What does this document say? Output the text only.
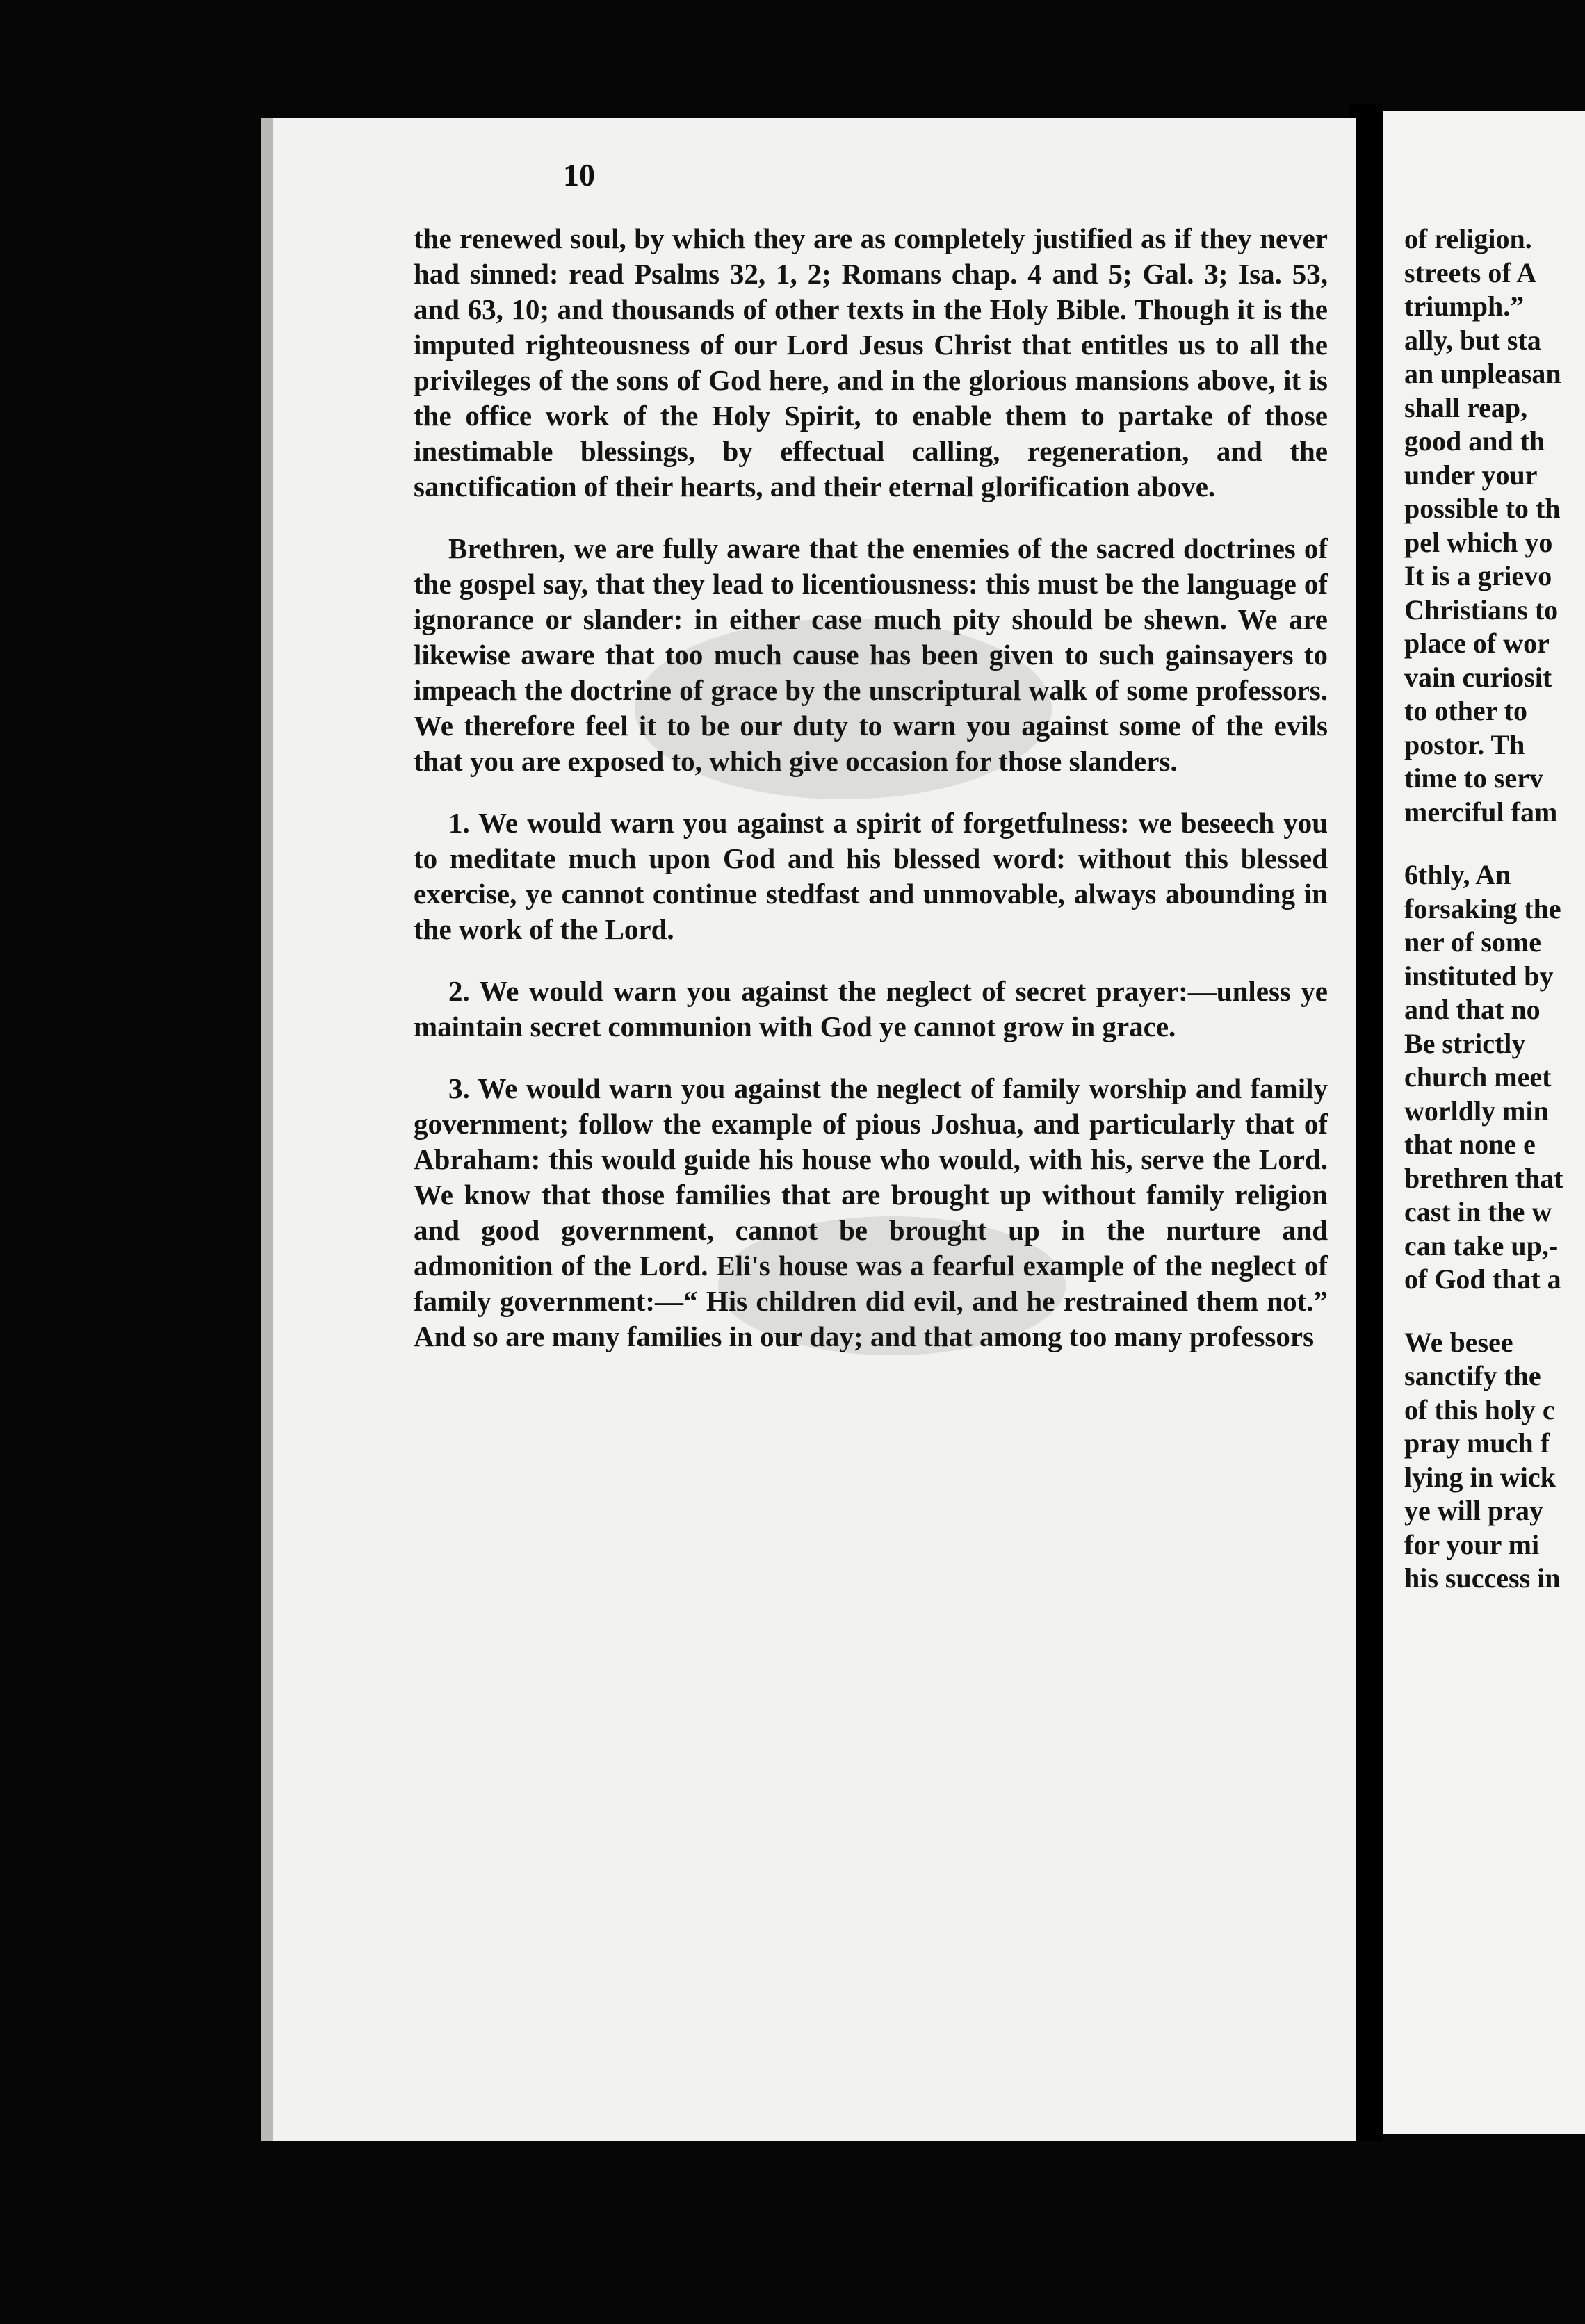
10

the renewed soul, by which they are as completely justified as if they never had sinned: read Psalms 32, 1, 2; Romans chap. 4 and 5; Gal. 3; Isa. 53, and 63, 10; and thousands of other texts in the Holy Bible. Though it is the imputed righteousness of our Lord Jesus Christ that entitles us to all the privileges of the sons of God here, and in the glorious mansions above, it is the office work of the Holy Spirit, to enable them to partake of those inestimable blessings, by effectual calling, regeneration, and the sanctification of their hearts, and their eternal glorification above.

Brethren, we are fully aware that the enemies of the sacred doctrines of the gospel say, that they lead to licentiousness: this must be the language of ignorance or slander: in either case much pity should be shewn. We are likewise aware that too much cause has been given to such gainsayers to impeach the doctrine of grace by the unscriptural walk of some professors. We therefore feel it to be our duty to warn you against some of the evils that you are exposed to, which give occasion for those slanders.

1. We would warn you against a spirit of forgetfulness: we beseech you to meditate much upon God and his blessed word: without this blessed exercise, ye cannot continue stedfast and unmovable, always abounding in the work of the Lord.

2. We would warn you against the neglect of secret prayer:—unless ye maintain secret communion with God ye cannot grow in grace.

3. We would warn you against the neglect of family worship and family government; follow the example of pious Joshua, and particularly that of Abraham: this would guide his house who would, with his, serve the Lord. We know that those families that are brought up without family religion and good government, cannot be brought up in the nurture and admonition of the Lord. Eli's house was a fearful example of the neglect of family government:—“ His children did evil, and he restrained them not.” And so are many families in our day; and that among too many professors

of religion.
streets of A
triumph.”
ally, but sta
an unpleasan
shall reap,
good and th
under your
possible to th
pel which yo
It is a grievo
Christians to
place of wor
vain curiosit
to other to
postor. Th
time to serv
merciful fam
6thly, An
forsaking the
ner of some
instituted by
and that no
Be strictly
church meet
worldly min
that none e
brethren that
cast in the w
can take up,-
of God that a
We besee
sanctify the
of this holy c
pray much f
lying in wick
ye will pray
for your mi
his success in
